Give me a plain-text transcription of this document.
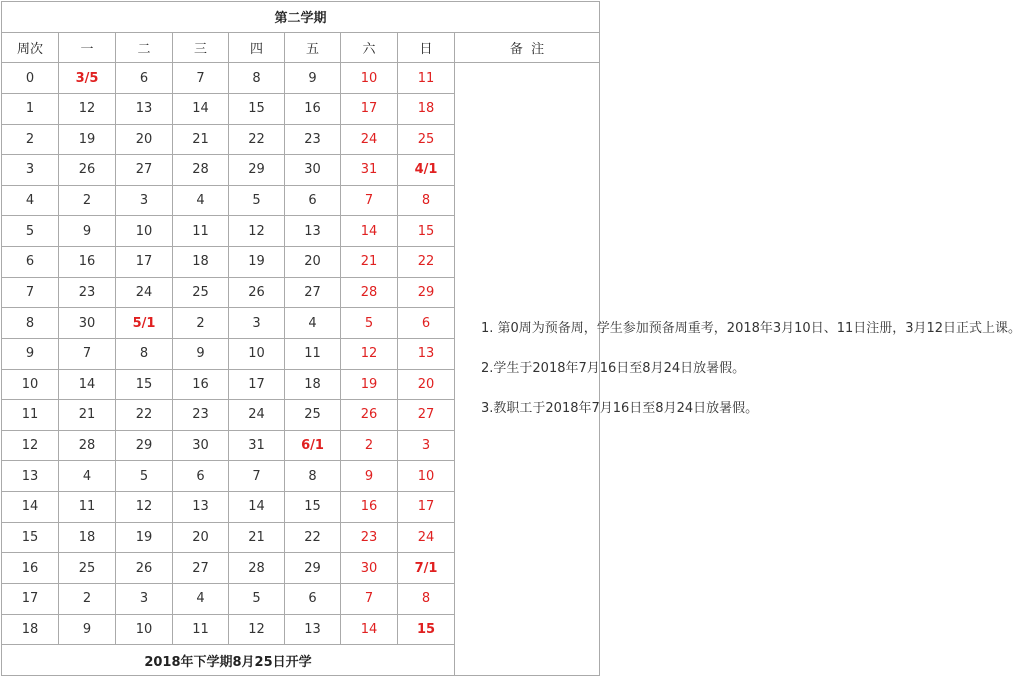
第二学期								
周次	一	二	三	四	五	六	日	备  注
0	3/5	6	7	8	9	10	11	1. 第0周为预备周，学生参加预备周重考，2018年3月10日、11日注册，3月12日正式上课。

2.学生于2018年7月16日至8月24日放暑假。

3.教职工于2018年7月16日至8月24日放暑假。

1	12	13	14	15	16	17	18	
2	19	20	21	22	23	24	25	
3	26	27	28	29	30	31	4/1	
4	2	3	4	5	6	7	8	
5	9	10	11	12	13	14	15	
6	16	17	18	19	20	21	22	
7	23	24	25	26	27	28	29	
8	30	5/1	2	3	4	5	6	
9	7	8	9	10	11	12	13	
10	14	15	16	17	18	19	20	
11	21	22	23	24	25	26	27	
12	28	29	30	31	6/1	2	3	
13	4	5	6	7	8	9	10	
14	11	12	13	14	15	16	17	
15	18	19	20	21	22	23	24	
16	25	26	27	28	29	30	7/1	
17	2	3	4	5	6	7	8	
18	9	10	11	12	13	14	15	
2018年下学期8月25日开学								
